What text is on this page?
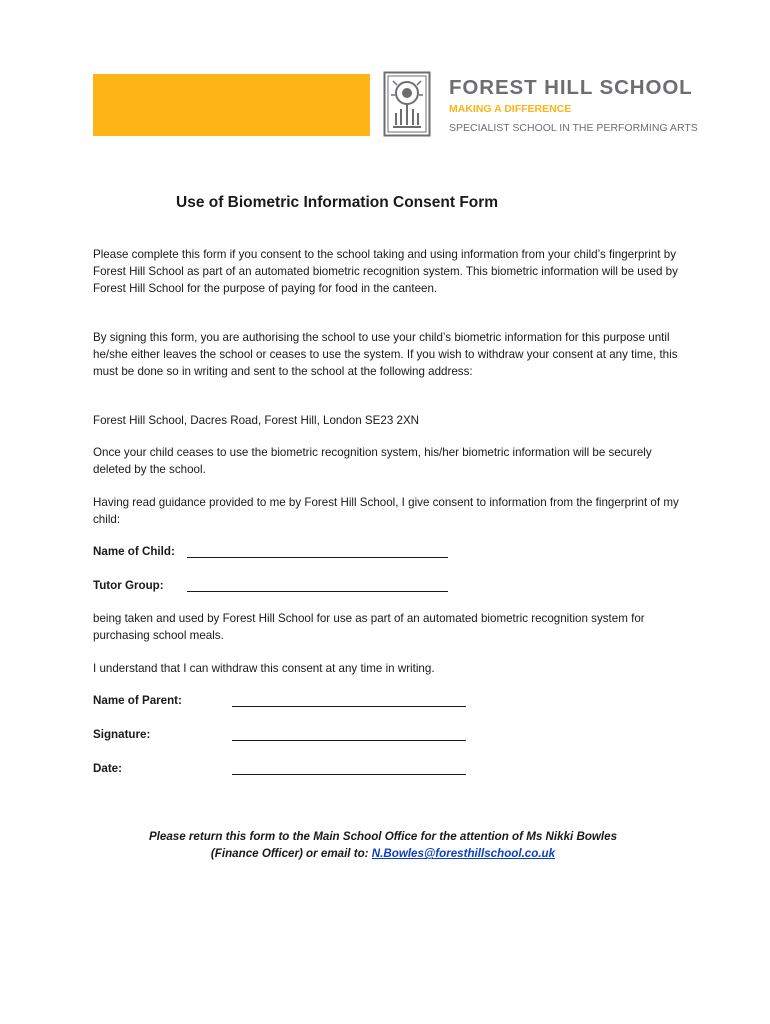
FOREST HILL SCHOOL
MAKING A DIFFERENCE
SPECIALIST SCHOOL IN THE PERFORMING ARTS
Use of Biometric Information Consent Form

Please complete this form if you consent to the school taking and using information from your child’s fingerprint by Forest Hill School as part of an automated biometric recognition system. This biometric information will be used by Forest Hill School for the purpose of paying for food in the canteen.

By signing this form, you are authorising the school to use your child’s biometric information for this purpose until he/she either leaves the school or ceases to use the system. If you wish to withdraw your consent at any time, this must be done so in writing and sent to the school at the following address:

Forest Hill School, Dacres Road, Forest Hill, London SE23 2XN

Once your child ceases to use the biometric recognition system, his/her biometric information will be securely deleted by the school.

Having read guidance provided to me by Forest Hill School, I give consent to information from the fingerprint of my child:

Name of Child:
Tutor Group:

being taken and used by Forest Hill School for use as part of an automated biometric recognition system for purchasing school meals.

I understand that I can withdraw this consent at any time in writing.

Name of Parent:
Signature:
Date:
Please return this form to the Main School Office for the attention of Ms Nikki Bowles
(Finance Officer) or email to: N.Bowles@foresthillschool.co.uk
